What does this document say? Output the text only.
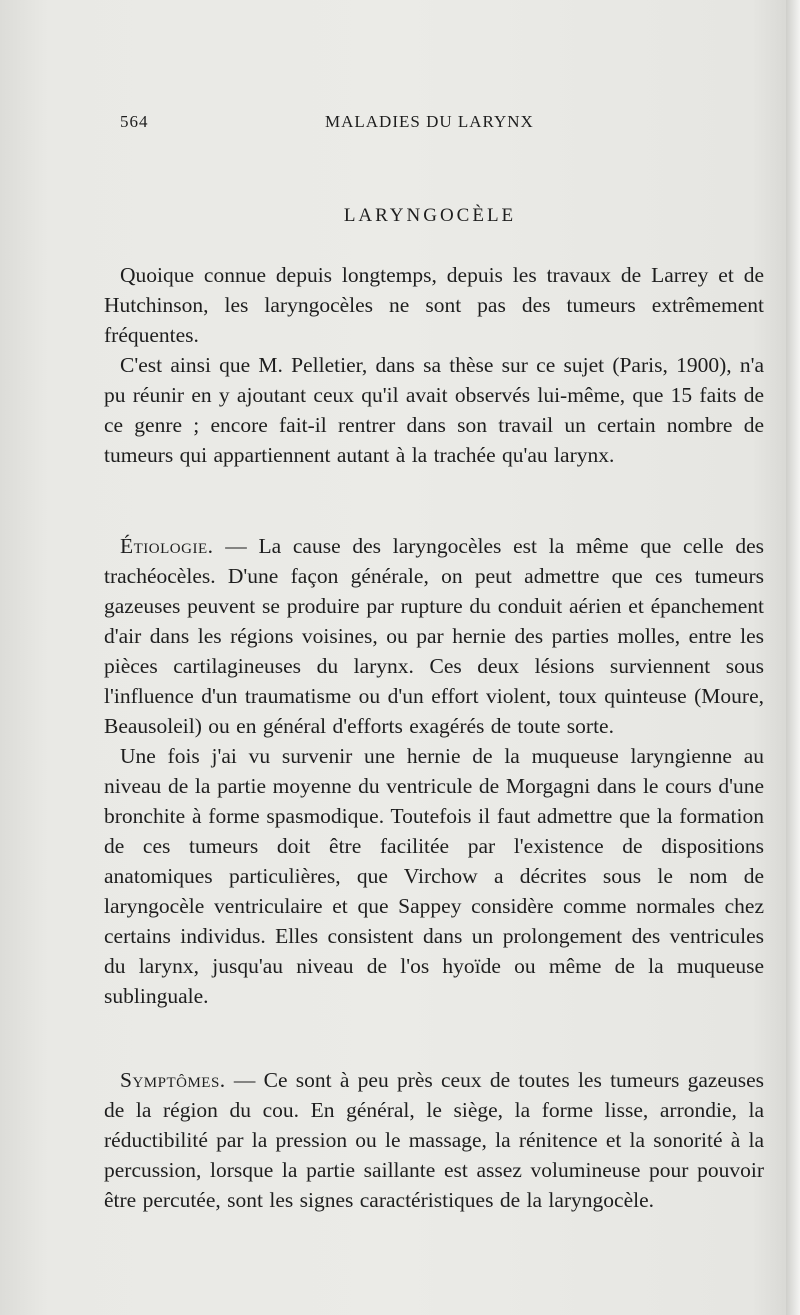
564	MALADIES DU LARYNX
LARYNGOCÈLE

Quoique connue depuis longtemps, depuis les travaux de Larrey et de Hutchinson, les laryngocèles ne sont pas des tumeurs extrêmement fréquentes.

C'est ainsi que M. Pelletier, dans sa thèse sur ce sujet (Paris, 1900), n'a pu réunir en y ajoutant ceux qu'il avait observés lui-même, que 15 faits de ce genre ; encore fait-il rentrer dans son travail un certain nombre de tumeurs qui appartiennent autant à la trachée qu'au larynx.

Étiologie. — La cause des laryngocèles est la même que celle des trachéocèles. D'une façon générale, on peut admettre que ces tumeurs gazeuses peuvent se produire par rupture du conduit aérien et épanchement d'air dans les régions voisines, ou par hernie des parties molles, entre les pièces cartilagineuses du larynx. Ces deux lésions surviennent sous l'influence d'un traumatisme ou d'un effort violent, toux quinteuse (Moure, Beausoleil) ou en général d'efforts exagérés de toute sorte.

Une fois j'ai vu survenir une hernie de la muqueuse laryngienne au niveau de la partie moyenne du ventricule de Morgagni dans le cours d'une bronchite à forme spasmodique. Toutefois il faut admettre que la formation de ces tumeurs doit être facilitée par l'existence de dispositions anatomiques particulières, que Virchow a décrites sous le nom de laryngocèle ventriculaire et que Sappey considère comme normales chez certains individus. Elles consistent dans un prolongement des ventricules du larynx, jusqu'au niveau de l'os hyoïde ou même de la muqueuse sublinguale.

Symptômes. — Ce sont à peu près ceux de toutes les tumeurs gazeuses de la région du cou. En général, le siège, la forme lisse, arrondie, la réductibilité par la pression ou le massage, la rénitence et la sonorité à la percussion, lorsque la partie saillante est assez volumineuse pour pouvoir être percutée, sont les signes caractéristiques de la laryngocèle.
